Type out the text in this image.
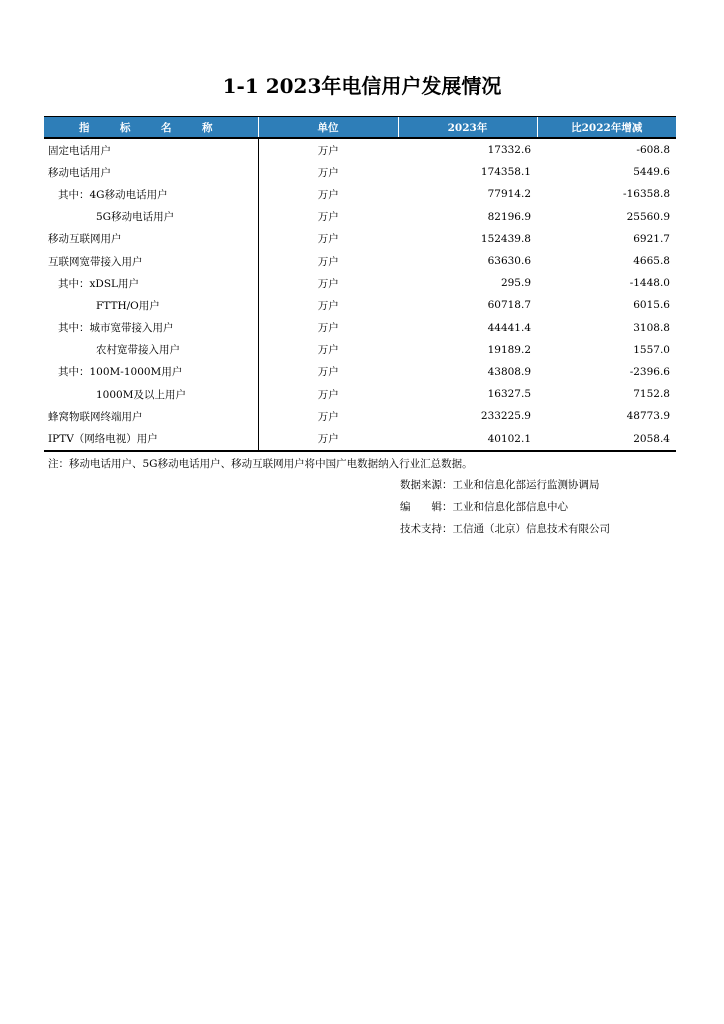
1-1 2023年电信用户发展情况
指　标　名　称	单位	2023年	比2022年增减
固定电话用户	万户	17332.6	-608.8
移动电话用户	万户	174358.1	5449.6
其中：4G移动电话用户	万户	77914.2	-16358.8
5G移动电话用户	万户	82196.9	25560.9
移动互联网用户	万户	152439.8	6921.7
互联网宽带接入用户	万户	63630.6	4665.8
其中：xDSL用户	万户	295.9	-1448.0
FTTH/O用户	万户	60718.7	6015.6
其中：城市宽带接入用户	万户	44441.4	3108.8
农村宽带接入用户	万户	19189.2	1557.0
其中：100M-1000M用户	万户	43808.9	-2396.6
1000M及以上用户	万户	16327.5	7152.8
蜂窝物联网终端用户	万户	233225.9	48773.9
IPTV（网络电视）用户	万户	40102.1	2058.4
注：移动电话用户、5G移动电话用户、移动互联网用户将中国广电数据纳入行业汇总数据。
数据来源：工业和信息化部运行监测协调局
编　　辑：工业和信息化部信息中心
技术支持：工信通（北京）信息技术有限公司
